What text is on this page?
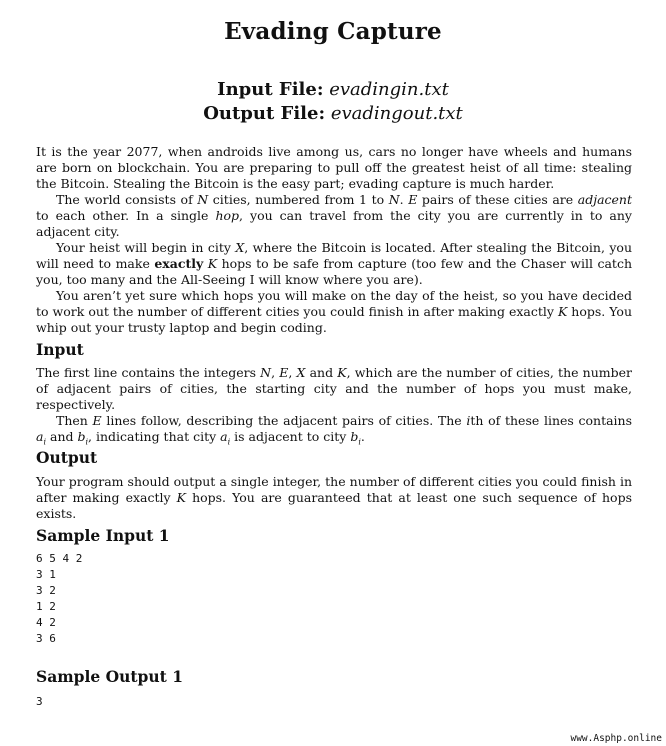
Evading Capture
Input File: evadingin.txt
Output File: evadingout.txt

It is the year 2077, when androids live among us, cars no longer have wheels and humans are born on blockchain. You are preparing to pull off the greatest heist of all time: stealing the Bitcoin. Stealing the Bitcoin is the easy part; evading capture is much harder.

The world consists of N cities, numbered from 1 to N. E pairs of these cities are adjacent to each other. In a single hop, you can travel from the city you are currently in to any adjacent city.

Your heist will begin in city X, where the Bitcoin is located. After stealing the Bitcoin, you will need to make exactly K hops to be safe from capture (too few and the Chaser will catch you, too many and the All-Seeing I will know where you are).

You aren’t yet sure which hops you will make on the day of the heist, so you have decided to work out the number of different cities you could finish in after making exactly K hops. You whip out your trusty laptop and begin coding.

Input

The first line contains the integers N, E, X and K, which are the number of cities, the number of adjacent pairs of cities, the starting city and the number of hops you must make, respectively.

Then E lines follow, describing the adjacent pairs of cities. The ith of these lines contains $a_i$ and $b_i$, indicating that city $a_i$ is adjacent to city $b_i$.

Output

Your program should output a single integer, the number of different cities you could finish in after making exactly K hops. You are guaranteed that at least one such sequence of hops exists.

Sample Input 1
6 5 4 2
3 1
3 2
1 2
4 2
3 6
Sample Output 1
3
www.Asphp.online
